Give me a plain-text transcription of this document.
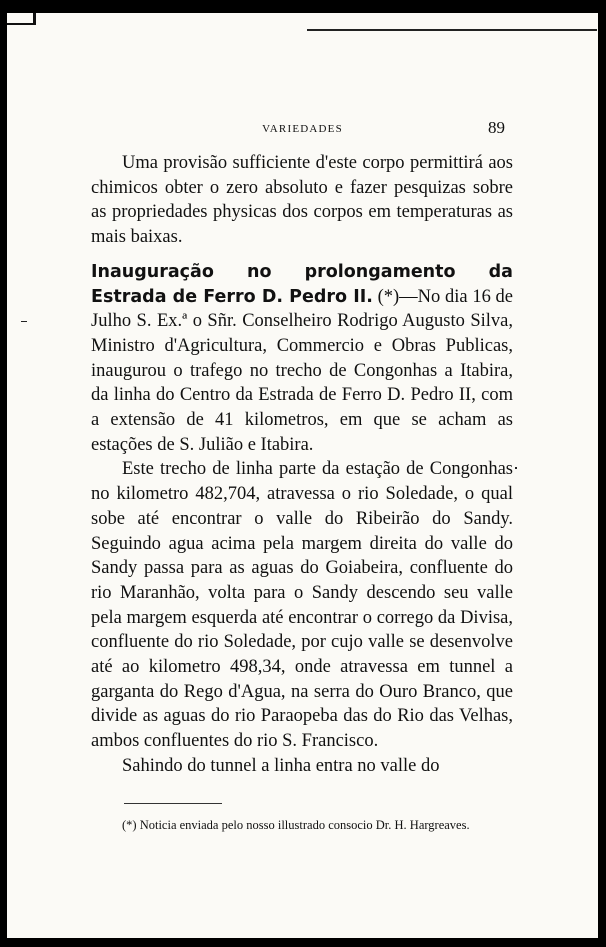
VARIEDADES	89

Uma provisão sufficiente d'este corpo permittirá aos chimicos obter o zero absoluto e fazer pesquizas sobre as propriedades physicas dos corpos em temperaturas as mais baixas.

Inauguração no prolongamento da Estrada de Ferro D. Pedro II. (*)—No dia 16 de Julho S. Ex.ª o Sñr. Conselheiro Rodrigo Augusto Silva, Ministro d'Agricultura, Commercio e Obras Publicas, inaugurou o trafego no trecho de Congonhas a Itabira, da linha do Centro da Estrada de Ferro D. Pedro II, com a extensão de 41 kilometros, em que se acham as estações de S. Julião e Itabira.

Este trecho de linha parte da estação de Congonhas no kilometro 482,704, atravessa o rio Soledade, o qual sobe até encontrar o valle do Ribeirão do Sandy. Seguindo agua acima pela margem direita do valle do Sandy passa para as aguas do Goiabeira, confluente do rio Maranhão, volta para o Sandy descendo seu valle pela margem esquerda até encontrar o corrego da Divisa, confluente do rio Soledade, por cujo valle se desenvolve até ao kilometro 498,34, onde atravessa em tunnel a garganta do Rego d'Agua, na serra do Ouro Branco, que divide as aguas do rio Paraopeba das do Rio das Velhas, ambos confluentes do rio S. Francisco.

Sahindo do tunnel a linha entra no valle do

(*) Noticia enviada pelo nosso illustrado consocio Dr. H. Hargreaves.
